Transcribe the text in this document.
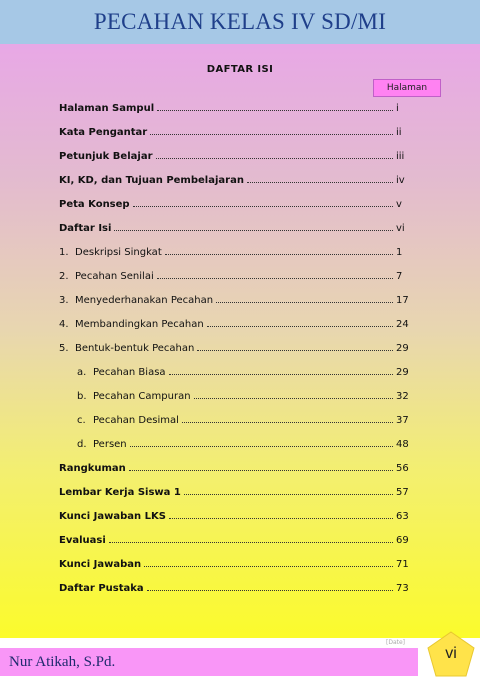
PECAHAN KELAS IV SD/MI
DAFTAR ISI
Halaman
Halaman Sampul	i
Kata Pengantar	ii
Petunjuk Belajar	iii
KI, KD, dan Tujuan Pembelajaran	iv
Peta Konsep	v
Daftar Isi	vi
1. Deskripsi Singkat	1
2. Pecahan Senilai	7
3. Menyederhanakan Pecahan	17
4. Membandingkan Pecahan	24
5. Bentuk-bentuk Pecahan	29
a. Pecahan Biasa	29
b. Pecahan Campuran	32
c. Pecahan Desimal	37
d. Persen	48
Rangkuman	56
Lembar Kerja Siswa 1	57
Kunci Jawaban LKS	63
Evaluasi	69
Kunci Jawaban	71
Daftar Pustaka	73
[Date]
Nur Atikah, S.Pd.	vi
